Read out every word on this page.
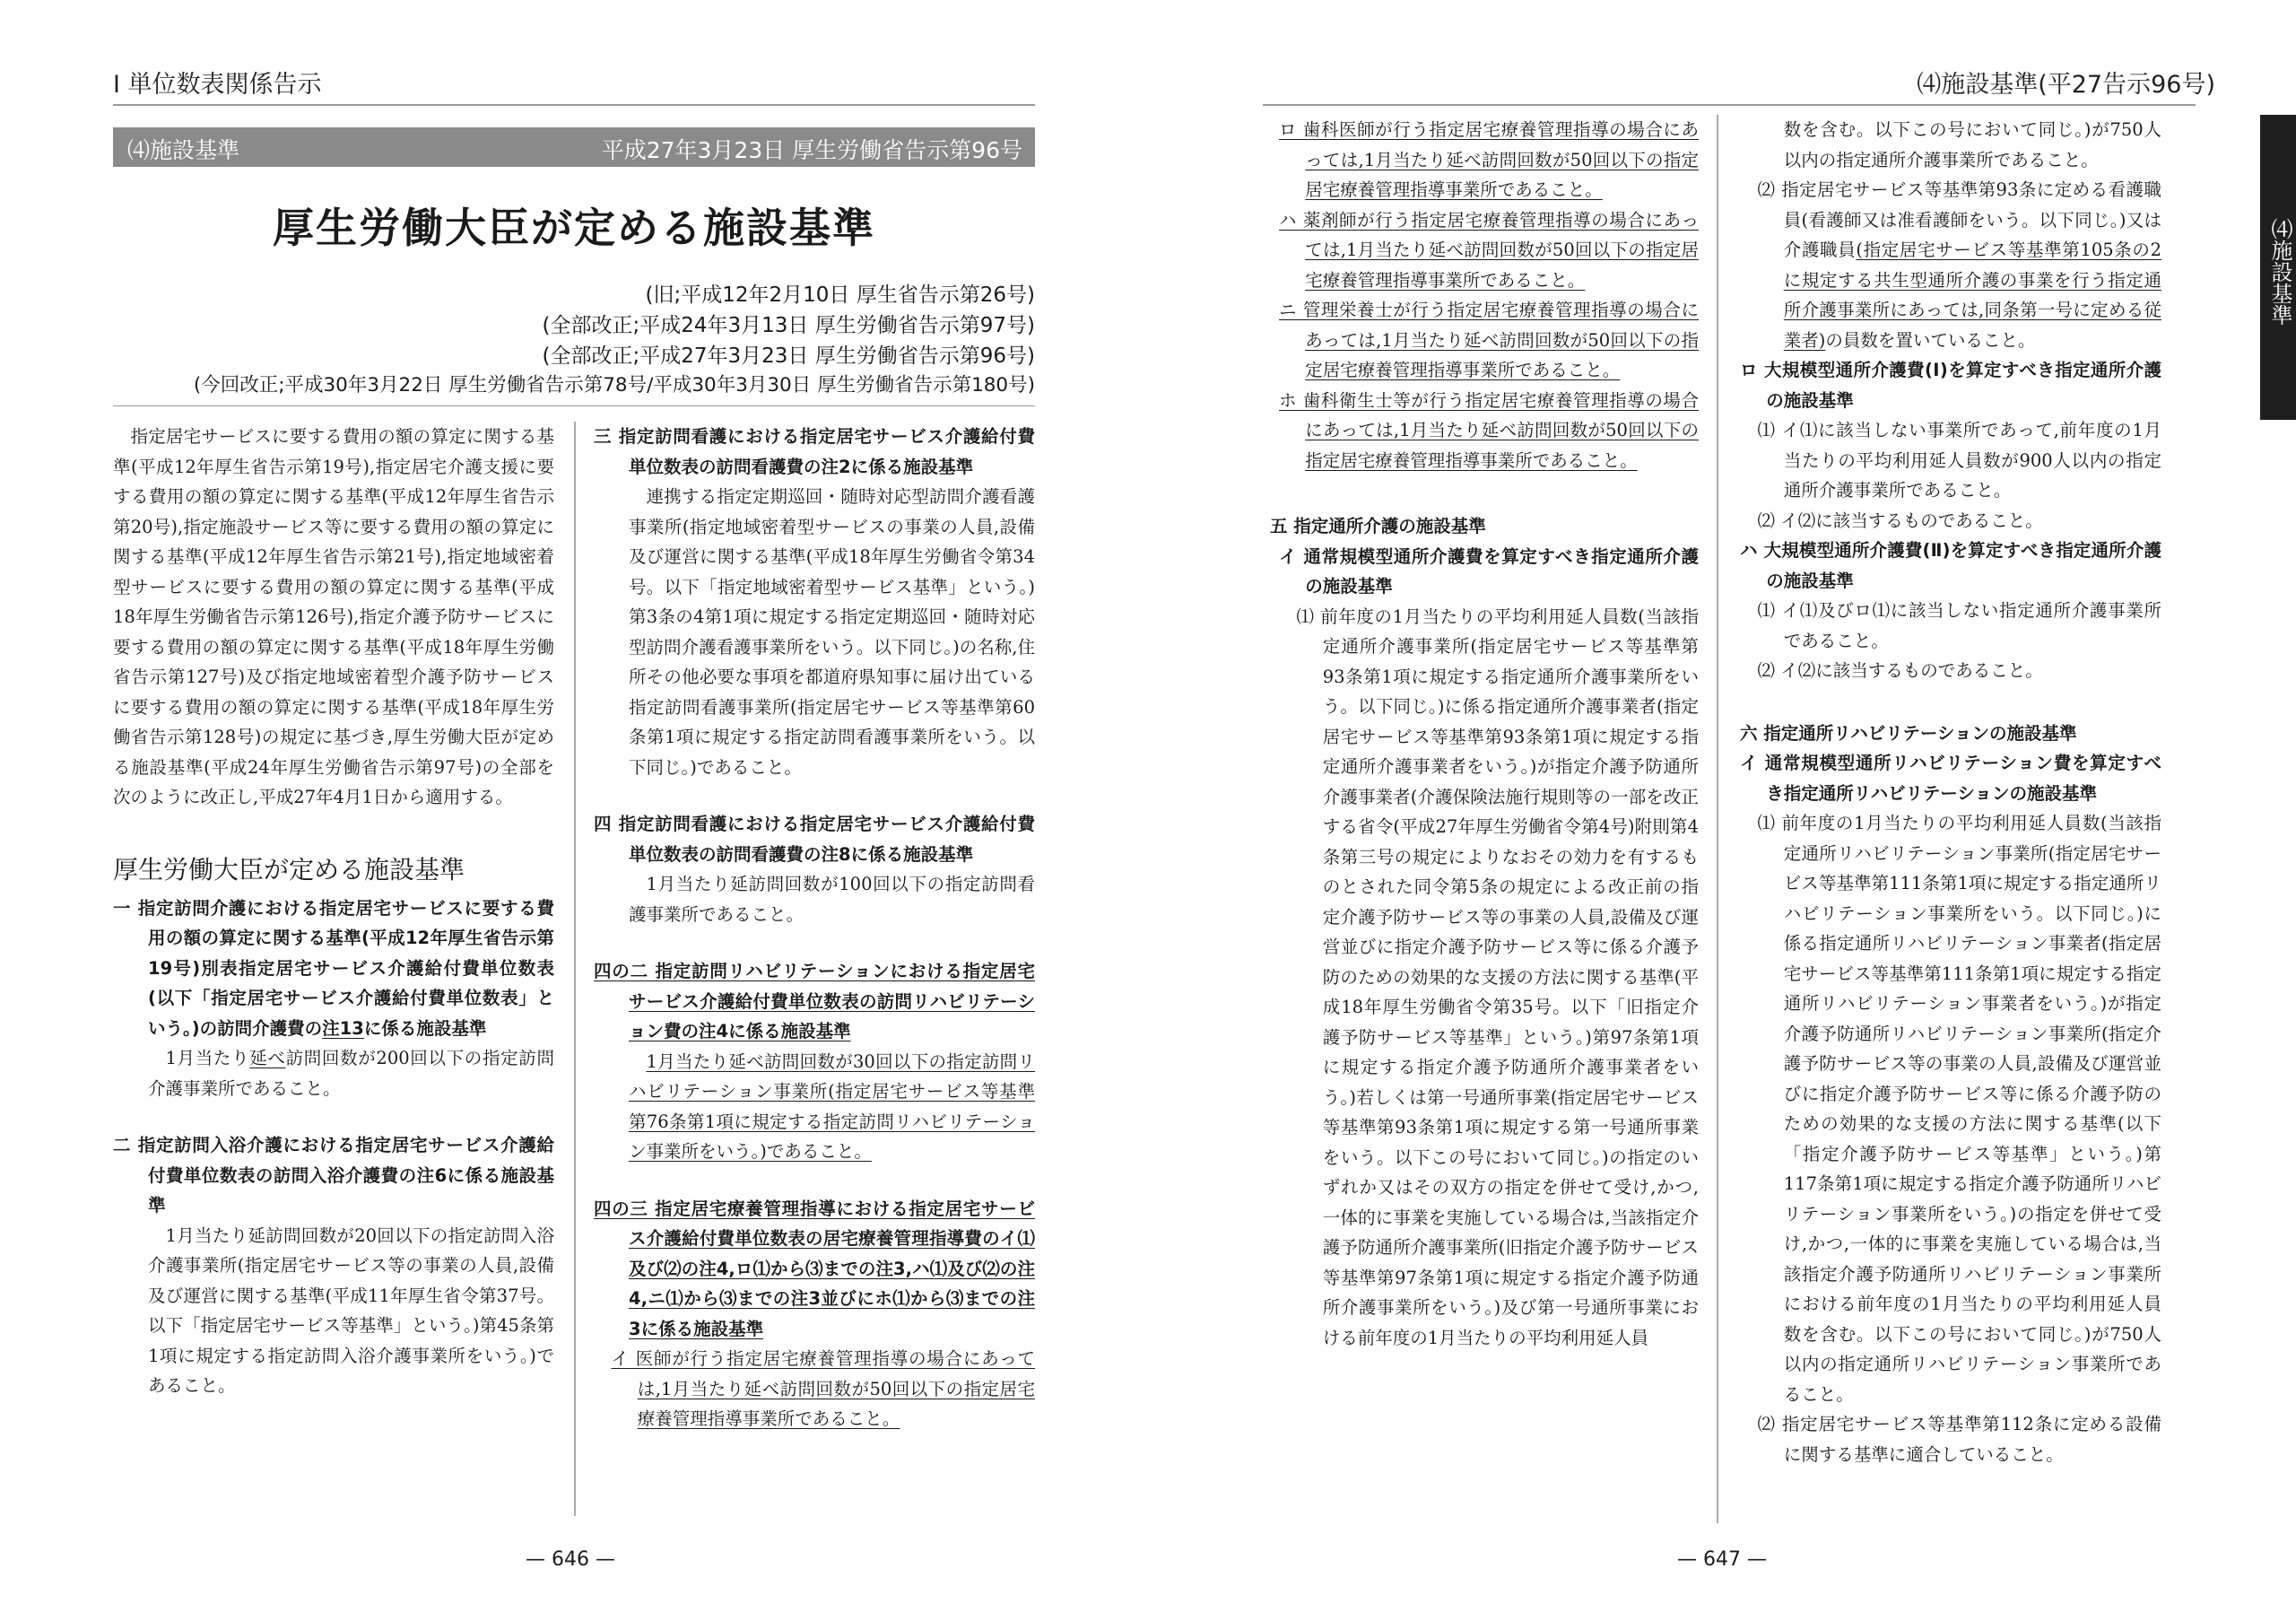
Ⅰ 単位数表関係告示
⑷施設基準	平成27年3月23日 厚生労働省告示第96号
厚生労働大臣が定める施設基準
(旧;平成12年2月10日 厚生省告示第26号)
(全部改正;平成24年3月13日 厚生労働省告示第97号)
(全部改正;平成27年3月23日 厚生労働省告示第96号)
(今回改正;平成30年3月22日 厚生労働省告示第78号/平成30年3月30日 厚生労働省告示第180号)

指定居宅サービスに要する費用の額の算定に関する基準(平成12年厚生省告示第19号),指定居宅介護支援に要する費用の額の算定に関する基準(平成12年厚生省告示第20号),指定施設サービス等に要する費用の額の算定に関する基準(平成12年厚生省告示第21号),指定地域密着型サービスに要する費用の額の算定に関する基準(平成18年厚生労働省告示第126号),指定介護予防サービスに要する費用の額の算定に関する基準(平成18年厚生労働省告示第127号)及び指定地域密着型介護予防サービスに要する費用の額の算定に関する基準(平成18年厚生労働省告示第128号)の規定に基づき,厚生労働大臣が定める施設基準(平成24年厚生労働省告示第97号)の全部を次のように改正し,平成27年4月1日から適用する。

厚生労働大臣が定める施設基準

一 指定訪問介護における指定居宅サービスに要する費用の額の算定に関する基準(平成12年厚生省告示第19号)別表指定居宅サービス介護給付費単位数表(以下「指定居宅サービス介護給付費単位数表」という。)の訪問介護費の注13に係る施設基準

1月当たり延べ訪問回数が200回以下の指定訪問介護事業所であること。

二 指定訪問入浴介護における指定居宅サービス介護給付費単位数表の訪問入浴介護費の注6に係る施設基準

1月当たり延訪問回数が20回以下の指定訪問入浴介護事業所(指定居宅サービス等の事業の人員,設備及び運営に関する基準(平成11年厚生省令第37号。以下「指定居宅サービス等基準」という。)第45条第1項に規定する指定訪問入浴介護事業所をいう。)であること。

三 指定訪問看護における指定居宅サービス介護給付費単位数表の訪問看護費の注2に係る施設基準

連携する指定定期巡回・随時対応型訪問介護看護事業所(指定地域密着型サービスの事業の人員,設備及び運営に関する基準(平成18年厚生労働省令第34号。以下「指定地域密着型サービス基準」という。)第3条の4第1項に規定する指定定期巡回・随時対応型訪問介護看護事業所をいう。以下同じ。)の名称,住所その他必要な事項を都道府県知事に届け出ている指定訪問看護事業所(指定居宅サービス等基準第60条第1項に規定する指定訪問看護事業所をいう。以下同じ。)であること。

四 指定訪問看護における指定居宅サービス介護給付費単位数表の訪問看護費の注8に係る施設基準

1月当たり延訪問回数が100回以下の指定訪問看護事業所であること。

四の二 指定訪問リハビリテーションにおける指定居宅サービス介護給付費単位数表の訪問リハビリテーション費の注4に係る施設基準

1月当たり延べ訪問回数が30回以下の指定訪問リハビリテーション事業所(指定居宅サービス等基準第76条第1項に規定する指定訪問リハビリテーション事業所をいう。)であること。

四の三 指定居宅療養管理指導における指定居宅サービス介護給付費単位数表の居宅療養管理指導費のイ⑴及び⑵の注4,ロ⑴から⑶までの注3,ハ⑴及び⑵の注4,ニ⑴から⑶までの注3並びにホ⑴から⑶までの注3に係る施設基準

イ 医師が行う指定居宅療養管理指導の場合にあっては,1月当たり延べ訪問回数が50回以下の指定居宅療養管理指導事業所であること。

— 646 —
⑷施設基準(平27告示96号)
⑷施設基準

ロ 歯科医師が行う指定居宅療養管理指導の場合にあっては,1月当たり延べ訪問回数が50回以下の指定居宅療養管理指導事業所であること。

ハ 薬剤師が行う指定居宅療養管理指導の場合にあっては,1月当たり延べ訪問回数が50回以下の指定居宅療養管理指導事業所であること。

ニ 管理栄養士が行う指定居宅療養管理指導の場合にあっては,1月当たり延べ訪問回数が50回以下の指定居宅療養管理指導事業所であること。

ホ 歯科衛生士等が行う指定居宅療養管理指導の場合にあっては,1月当たり延べ訪問回数が50回以下の指定居宅療養管理指導事業所であること。

五 指定通所介護の施設基準

イ 通常規模型通所介護費を算定すべき指定通所介護の施設基準

⑴ 前年度の1月当たりの平均利用延人員数(当該指定通所介護事業所(指定居宅サービス等基準第93条第1項に規定する指定通所介護事業所をいう。以下同じ。)に係る指定通所介護事業者(指定居宅サービス等基準第93条第1項に規定する指定通所介護事業者をいう。)が指定介護予防通所介護事業者(介護保険法施行規則等の一部を改正する省令(平成27年厚生労働省令第4号)附則第4条第三号の規定によりなおその効力を有するものとされた同令第5条の規定による改正前の指定介護予防サービス等の事業の人員,設備及び運営並びに指定介護予防サービス等に係る介護予防のための効果的な支援の方法に関する基準(平成18年厚生労働省令第35号。以下「旧指定介護予防サービス等基準」という。)第97条第1項に規定する指定介護予防通所介護事業者をいう。)若しくは第一号通所事業(指定居宅サービス等基準第93条第1項に規定する第一号通所事業をいう。以下この号において同じ。)の指定のいずれか又はその双方の指定を併せて受け,かつ,一体的に事業を実施している場合は,当該指定介護予防通所介護事業所(旧指定介護予防サービス等基準第97条第1項に規定する指定介護予防通所介護事業所をいう。)及び第一号通所事業における前年度の1月当たりの平均利用延人員

数を含む。以下この号において同じ。)が750人以内の指定通所介護事業所であること。

⑵ 指定居宅サービス等基準第93条に定める看護職員(看護師又は准看護師をいう。以下同じ。)又は介護職員(指定居宅サービス等基準第105条の2に規定する共生型通所介護の事業を行う指定通所介護事業所にあっては,同条第一号に定める従業者)の員数を置いていること。

ロ 大規模型通所介護費(Ⅰ)を算定すべき指定通所介護の施設基準

⑴ イ⑴に該当しない事業所であって,前年度の1月当たりの平均利用延人員数が900人以内の指定通所介護事業所であること。

⑵ イ⑵に該当するものであること。

ハ 大規模型通所介護費(Ⅱ)を算定すべき指定通所介護の施設基準

⑴ イ⑴及びロ⑴に該当しない指定通所介護事業所であること。

⑵ イ⑵に該当するものであること。

六 指定通所リハビリテーションの施設基準

イ 通常規模型通所リハビリテーション費を算定すべき指定通所リハビリテーションの施設基準

⑴ 前年度の1月当たりの平均利用延人員数(当該指定通所リハビリテーション事業所(指定居宅サービス等基準第111条第1項に規定する指定通所リハビリテーション事業所をいう。以下同じ。)に係る指定通所リハビリテーション事業者(指定居宅サービス等基準第111条第1項に規定する指定通所リハビリテーション事業者をいう。)が指定介護予防通所リハビリテーション事業所(指定介護予防サービス等の事業の人員,設備及び運営並びに指定介護予防サービス等に係る介護予防のための効果的な支援の方法に関する基準(以下「指定介護予防サービス等基準」という。)第117条第1項に規定する指定介護予防通所リハビリテーション事業所をいう。)の指定を併せて受け,かつ,一体的に事業を実施している場合は,当該指定介護予防通所リハビリテーション事業所における前年度の1月当たりの平均利用延人員数を含む。以下この号において同じ。)が750人以内の指定通所リハビリテーション事業所であること。

⑵ 指定居宅サービス等基準第112条に定める設備に関する基準に適合していること。

— 647 —
